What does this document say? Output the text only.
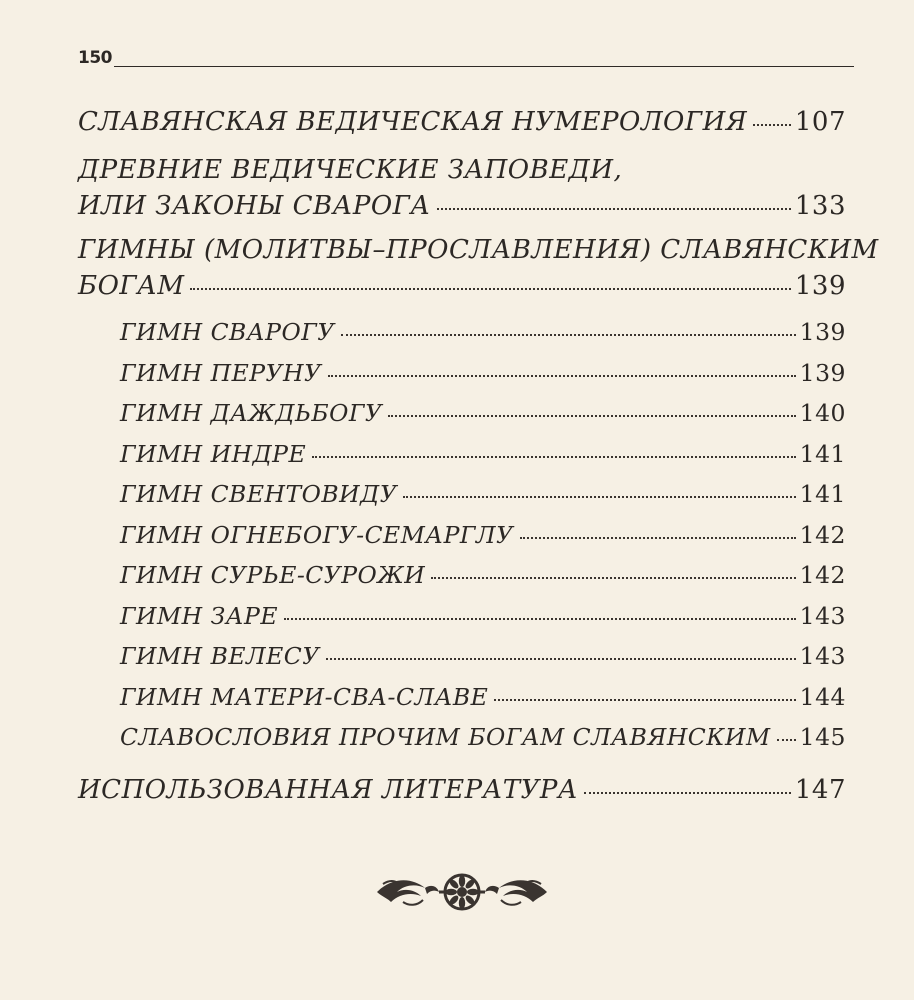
150
СЛАВЯНСКАЯ ВЕДИЧЕСКАЯ НУМЕРОЛОГИЯ 107
ДРЕВНИЕ ВЕДИЧЕСКИЕ ЗАПОВЕДИ,
ИЛИ ЗАКОНЫ СВАРОГА	133
ГИМНЫ (МОЛИТВЫ–ПРОСЛАВЛЕНИЯ) СЛАВЯНСКИМ
БОГАМ	139
ГИМН СВАРОГУ	139
ГИМН ПЕРУНУ	139
ГИМН ДАЖДЬБОГУ	140
ГИМН ИНДРЕ	141
ГИМН СВЕНТОВИДУ	141
ГИМН ОГНЕБОГУ-СЕМАРГЛУ	142
ГИМН СУРЬЕ-СУРОЖИ	142
ГИМН ЗАРЕ	143
ГИМН ВЕЛЕСУ	143
ГИМН МАТЕРИ-СВА-СЛАВЕ	144
СЛАВОСЛОВИЯ ПРОЧИМ БОГАМ СЛАВЯНСКИМ 145
ИСПОЛЬЗОВАННАЯ ЛИТЕРАТУРА	147
